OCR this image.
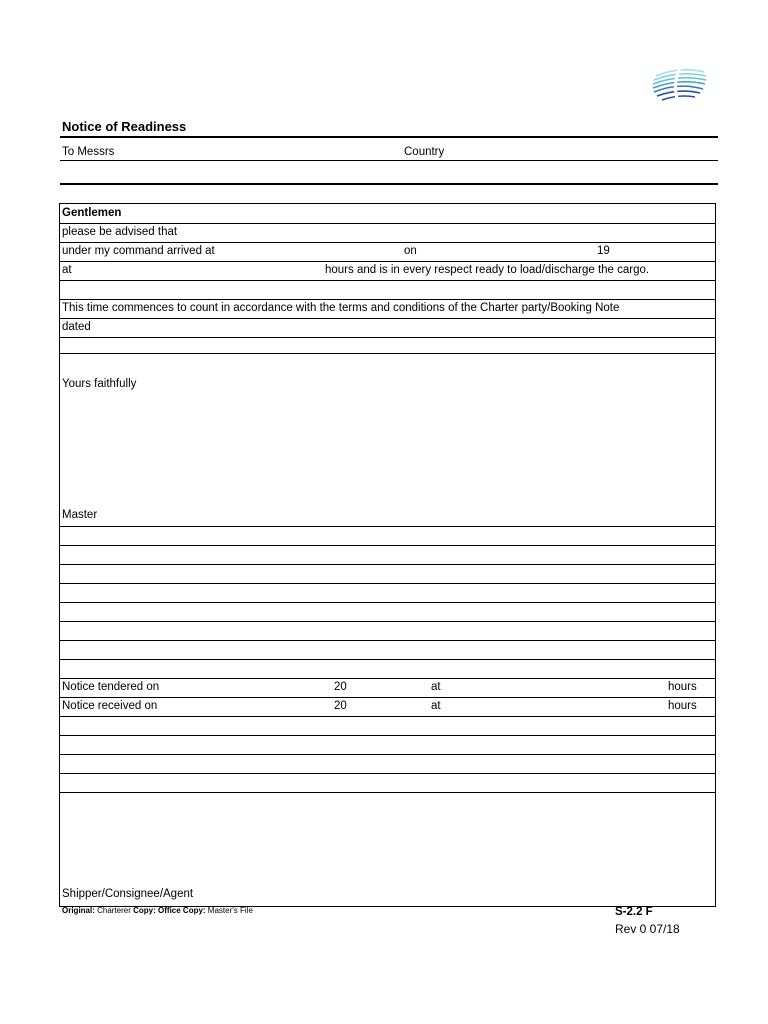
Notice of Readiness
To Messrs	Country
Gentlemen
please be advised that
under my command arrived at	on	19
at	hours and is in every respect ready to load/discharge the cargo.
This time commences to count in accordance with the terms and conditions of the Charter party/Booking Note
dated
Yours faithfully
Master
Notice tendered on	20	at	hours
Notice received on	20	at	hours
Shipper/Consignee/Agent
Original: Charterer Copy: Office Copy: Master's File	S-2.2 F
Rev 0 07/18
